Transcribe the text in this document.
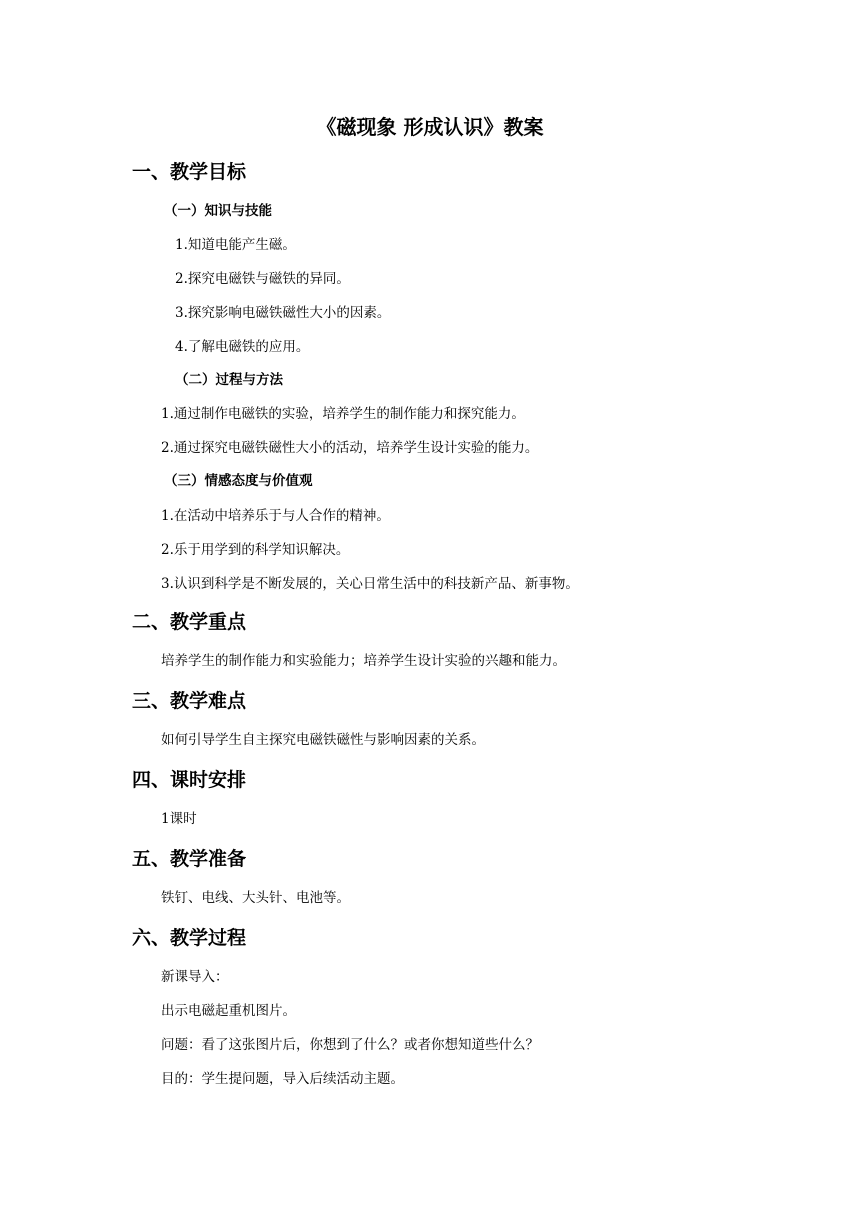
《磁现象 形成认识》教案
一、教学目标
（一）知识与技能

1.知道电能产生磁。

2.探究电磁铁与磁铁的异同。

3.探究影响电磁铁磁性大小的因素。

4.了解电磁铁的应用。

（二）过程与方法

1.通过制作电磁铁的实验，培养学生的制作能力和探究能力。

2.通过探究电磁铁磁性大小的活动，培养学生设计实验的能力。

（三）情感态度与价值观

1.在活动中培养乐于与人合作的精神。

2.乐于用学到的科学知识解决。

3.认识到科学是不断发展的，关心日常生活中的科技新产品、新事物。

二、教学重点

培养学生的制作能力和实验能力；培养学生设计实验的兴趣和能力。

三、教学难点

如何引导学生自主探究电磁铁磁性与影响因素的关系。

四、课时安排

1课时

五、教学准备

铁钉、电线、大头针、电池等。

六、教学过程

新课导入：

出示电磁起重机图片。

问题：看了这张图片后，你想到了什么？或者你想知道些什么？

目的：学生提问题，导入后续活动主题。
